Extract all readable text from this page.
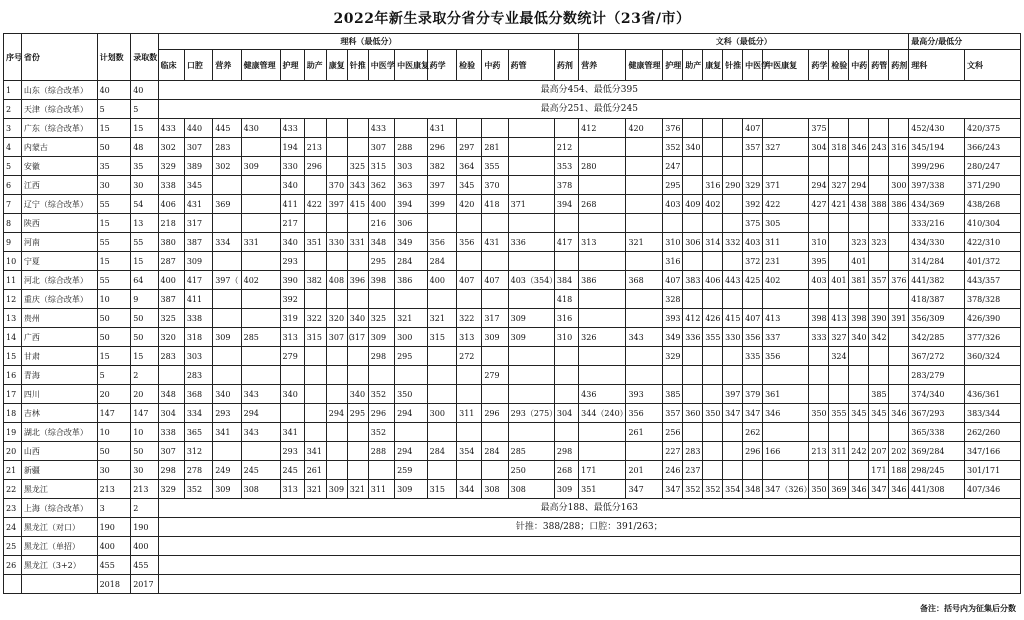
2022年新生录取分省分专业最低分数统计（23省/市）
序号	省份	计划数	录取数	理科（最低分）															文科（最低分）													最高分/最低分	
				临床	口腔	营养	健康管理	护理	助产	康复	针推	中医学	中医康复	药学	检验	中药	药管	药剂	营养	健康管理	护理	助产	康复	针推	中医学	中医康复	药学	检验	中药	药管	药剂	理科	文科
1	山东（综合改革）	40	40	最高分454、最低分395																													
2	天津（综合改革）	5	5	最高分251、最低分245																													
3	广东（综合改革）	15	15	433	440	445	430	433				433		431					412	420	376				407		375					452/430	420/375
4	内蒙古	50	48	302	307	283		194	213			307	288	296	297	281		212			352	340			357	327	304	318	346	243	316	345/194	366/243
5	安徽	35	35	329	389	302	309	330	296		325	315	303	382	364	355		353	280		247											399/296	280/247
6	江西	30	30	338	345			340		370	343	362	363	397	345	370		378			295		316	290	329	371	294	327	294		300	397/338	371/290
7	辽宁（综合改革）	55	54	406	431	369		411	422	397	415	400	394	399	420	418	371	394	268		403	409	402		392	422	427	421	438	388	386	434/369	438/268
8	陕西	15	13	218	317			217				216	306												375	305						333/216	410/304
9	河南	55	55	380	387	334	331	340	351	330	331	348	349	356	356	431	336	417	313	321	310	306	314	332	403	311	310		323	323		434/330	422/310
10	宁夏	15	15	287	309			293				295	284	284							316				372	231	395		401			314/284	401/372
11	河北（综合改革）	55	64	400	417	397（	402	390	382	408	396	398	386	400	407	407	403（354）	384	386	368	407	383	406	443	425	402	403	401	381	357	376	441/382	443/357
12	重庆（综合改革）	10	9	387	411			392										418			328											418/387	378/328
13	贵州	50	50	325	338			319	322	320	340	325	321	321	322	317	309	316			393	412	426	415	407	413	398	413	398	390	391	356/309	426/390
14	广西	50	50	320	318	309	285	313	315	307（	317	309	300	315	313	309	309	310	326	343	349	336	355	330	356	337	333	327	340	342		342/285	377/326
15	甘肃	15	15	283	303			279				298	295		272						329				335	356		324				367/272	360/324
16	青海	5	2		283											279																283/279	
17	四川	20	20	348	368	340	343	340			340	352	350						436	393	385			397	379	361				385		374/340	436/361
18	吉林	147	147	304	334	293	294			294	295	296	294	300	311	296	293（275）	304	344（240）	356	357	360	350	347	347	346	350	355	345	345	346	367/293	383/344
19	湖北（综合改革）	10	10	338	365	341	343	341				352								261	256				262							365/338	262/260
20	山西	50	50	307	312			293	341			288	294	284	354	284	285	298			227	283			296	166	213	311	242	207	202	369/284	347/166
21	新疆	30	30	298	278	249	245	245	261				259				250	268	171	201	246	237								171	188	298/245	301/171
22	黑龙江	213	213	329	352	309	308	313	321	309	321	311	309	315	344	308	308	309	351	347	347	352	352	354	348	347（326）	350	369	346	347	346	441/308	407/346
23	上海（综合改革）	3	2	最高分188、最低分163																													
24	黑龙江（对口）	190	190	针推：388/288；口腔：391/263；																													
25	黑龙江（单招）	400	400																														
26	黑龙江（3+2）	455	455																														
		2018	2017																														
备注：括号内为征集后分数
